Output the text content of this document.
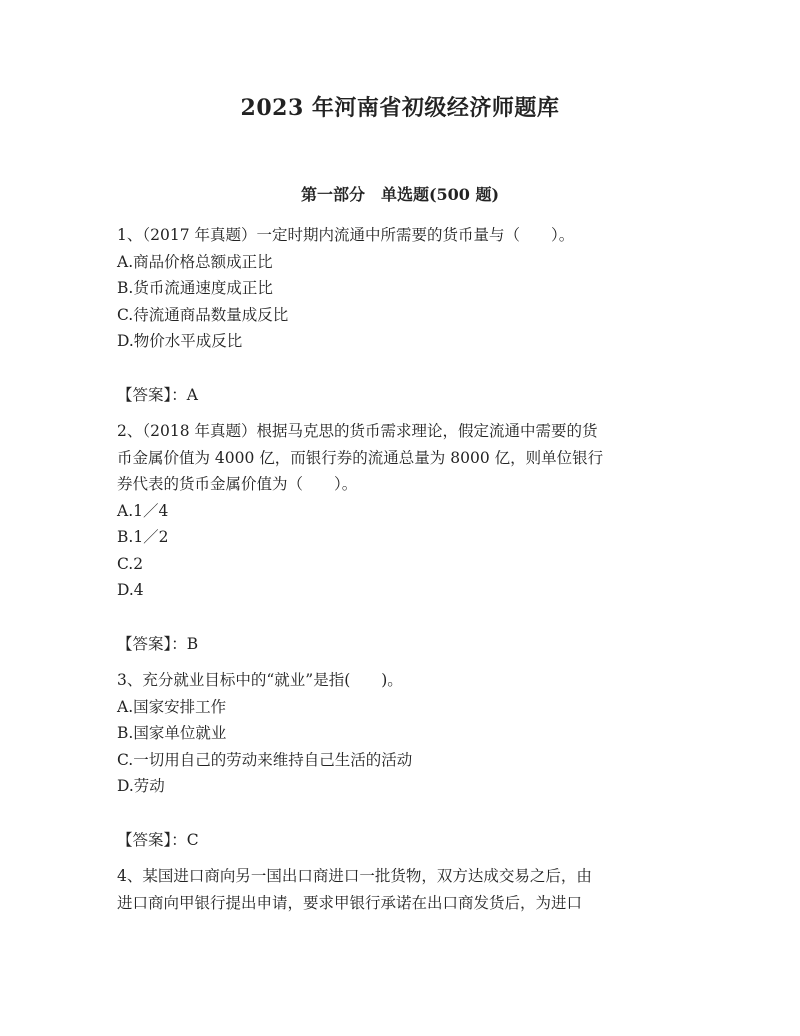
2023 年河南省初级经济师题库
第一部分　单选题(500 题)
1、（2017 年真题）一定时期内流通中所需要的货币量与（　　）。
A.商品价格总额成正比
B.货币流通速度成正比
C.待流通商品数量成反比
D.物价水平成反比
【答案】：A
2、（2018 年真题）根据马克思的货币需求理论，假定流通中需要的货
币金属价值为 4000 亿，而银行券的流通总量为 8000 亿，则单位银行
券代表的货币金属价值为（　　）。
A.1／4
B.1／2
C.2
D.4
【答案】：B
3、充分就业目标中的“就业”是指(　　)。
A.国家安排工作
B.国家单位就业
C.一切用自己的劳动来维持自己生活的活动
D.劳动
【答案】：C
4、某国进口商向另一国出口商进口一批货物，双方达成交易之后，由
进口商向甲银行提出申请，要求甲银行承诺在出口商发货后，为进口
